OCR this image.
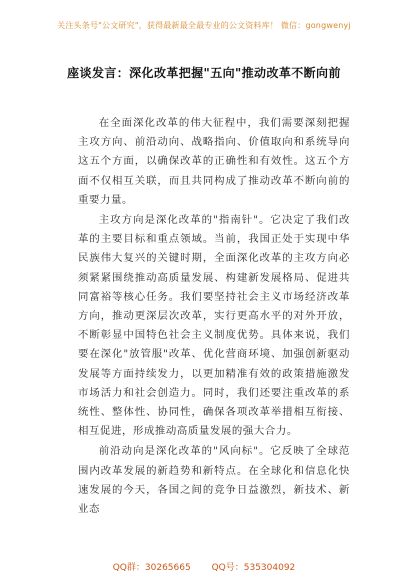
关注头条号"公文研究"，获得最新最全最专业的公文资料库！ 微信：gongwenyj
座谈发言：深化改革把握"五向"推动改革不断向前

在全面深化改革的伟大征程中，我们需要深刻把握主攻方向、前沿动向、战略指向、价值取向和系统导向这五个方面，以确保改革的正确性和有效性。这五个方面不仅相互关联，而且共同构成了推动改革不断向前的重要力量。

主攻方向是深化改革的"指南针"。它决定了我们改革的主要目标和重点领域。当前，我国正处于实现中华民族伟大复兴的关键时期，全面深化改革的主攻方向必须紧紧围绕推动高质量发展、构建新发展格局、促进共同富裕等核心任务。我们要坚持社会主义市场经济改革方向，推动更深层次改革，实行更高水平的对外开放，不断彰显中国特色社会主义制度优势。具体来说，我们要在深化"放管服"改革、优化营商环境、加强创新驱动发展等方面持续发力，以更加精准有效的政策措施激发市场活力和社会创造力。同时，我们还要注重改革的系统性、整体性、协同性，确保各项改革举措相互衔接、相互促进，形成推动高质量发展的强大合力。

前沿动向是深化改革的"风向标"。它反映了全球范围内改革发展的新趋势和新特点。在全球化和信息化快速发展的今天，各国之间的竞争日益激烈，新技术、新业态

QQ群：30265665 QQ号：535304092
